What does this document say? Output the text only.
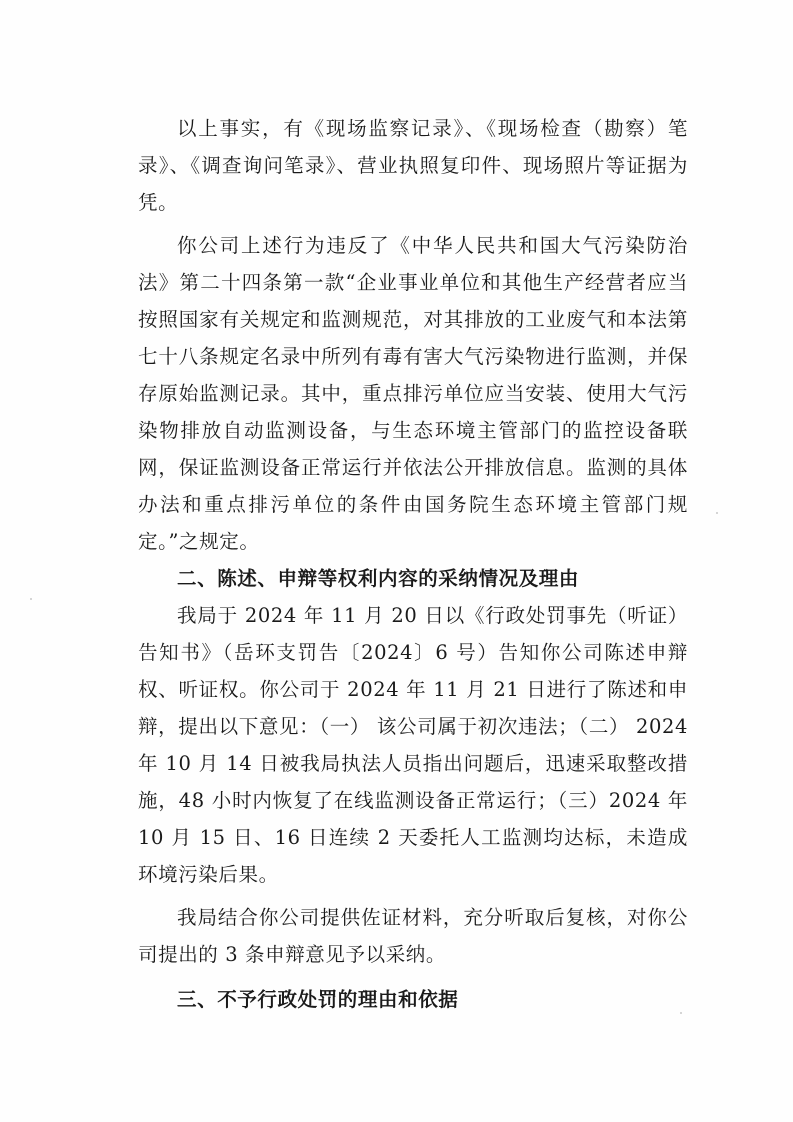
以上事实，有《现场监察记录》、《现场检查（勘察）笔录》、《调查询问笔录》、营业执照复印件、现场照片等证据为凭。

你公司上述行为违反了《中华人民共和国大气污染防治法》第二十四条第一款“企业事业单位和其他生产经营者应当按照国家有关规定和监测规范，对其排放的工业废气和本法第七十八条规定名录中所列有毒有害大气污染物进行监测，并保存原始监测记录。其中，重点排污单位应当安装、使用大气污染物排放自动监测设备，与生态环境主管部门的监控设备联网，保证监测设备正常运行并依法公开排放信息。监测的具体办法和重点排污单位的条件由国务院生态环境主管部门规定。”之规定。

二、陈述、申辩等权利内容的采纳情况及理由

我局于 2024 年 11 月 20 日以《行政处罚事先（听证）告知书》（岳环支罚告〔2024〕6 号）告知你公司陈述申辩权、听证权。你公司于 2024 年 11 月 21 日进行了陈述和申辩，提出以下意见：（一） 该公司属于初次违法；（二） 2024 年 10 月 14 日被我局执法人员指出问题后，迅速采取整改措施，48 小时内恢复了在线监测设备正常运行；（三）2024 年 10 月 15 日、16 日连续 2 天委托人工监测均达标，未造成环境污染后果。

我局结合你公司提供佐证材料，充分听取后复核，对你公司提出的 3 条申辩意见予以采纳。

三、不予行政处罚的理由和依据
